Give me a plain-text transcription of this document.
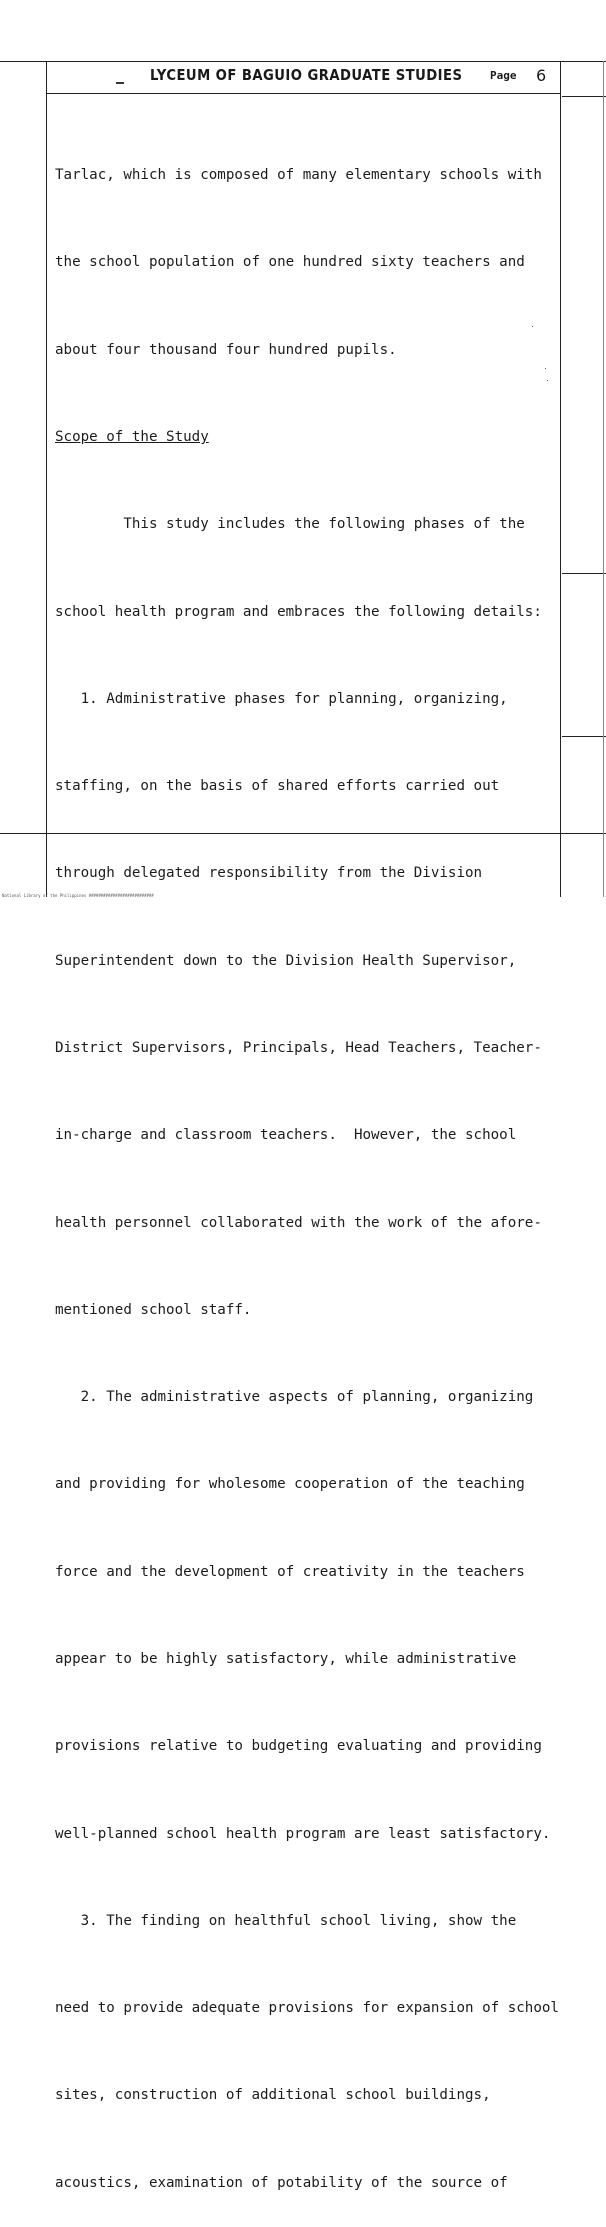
LYCEUM OF BAGUIO GRADUATE STUDIES	Page 6

Tarlac, which is composed of many elementary schools with

the school population of one hundred sixty teachers and

about four thousand four hundred pupils.

Scope of the Study

This study includes the following phases of the

school health program and embraces the following details:

1. Administrative phases for planning, organizing,

staffing, on the basis of shared efforts carried out

through delegated responsibility from the Division

Superintendent down to the Division Health Supervisor,

District Supervisors, Principals, Head Teachers, Teacher-

in-charge and classroom teachers.  However, the school

health personnel collaborated with the work of the afore-

mentioned school staff.

2. The administrative aspects of planning, organizing

and providing for wholesome cooperation of the teaching

force and the development of creativity in the teachers

appear to be highly satisfactory, while administrative

provisions relative to budgeting evaluating and providing

well-planned school health program are least satisfactory.

3. The finding on healthful school living, show the

need to provide adequate provisions for expansion of school

sites, construction of additional school buildings,

acoustics, examination of potability of the source of

National Library of the Philippines ###########################
